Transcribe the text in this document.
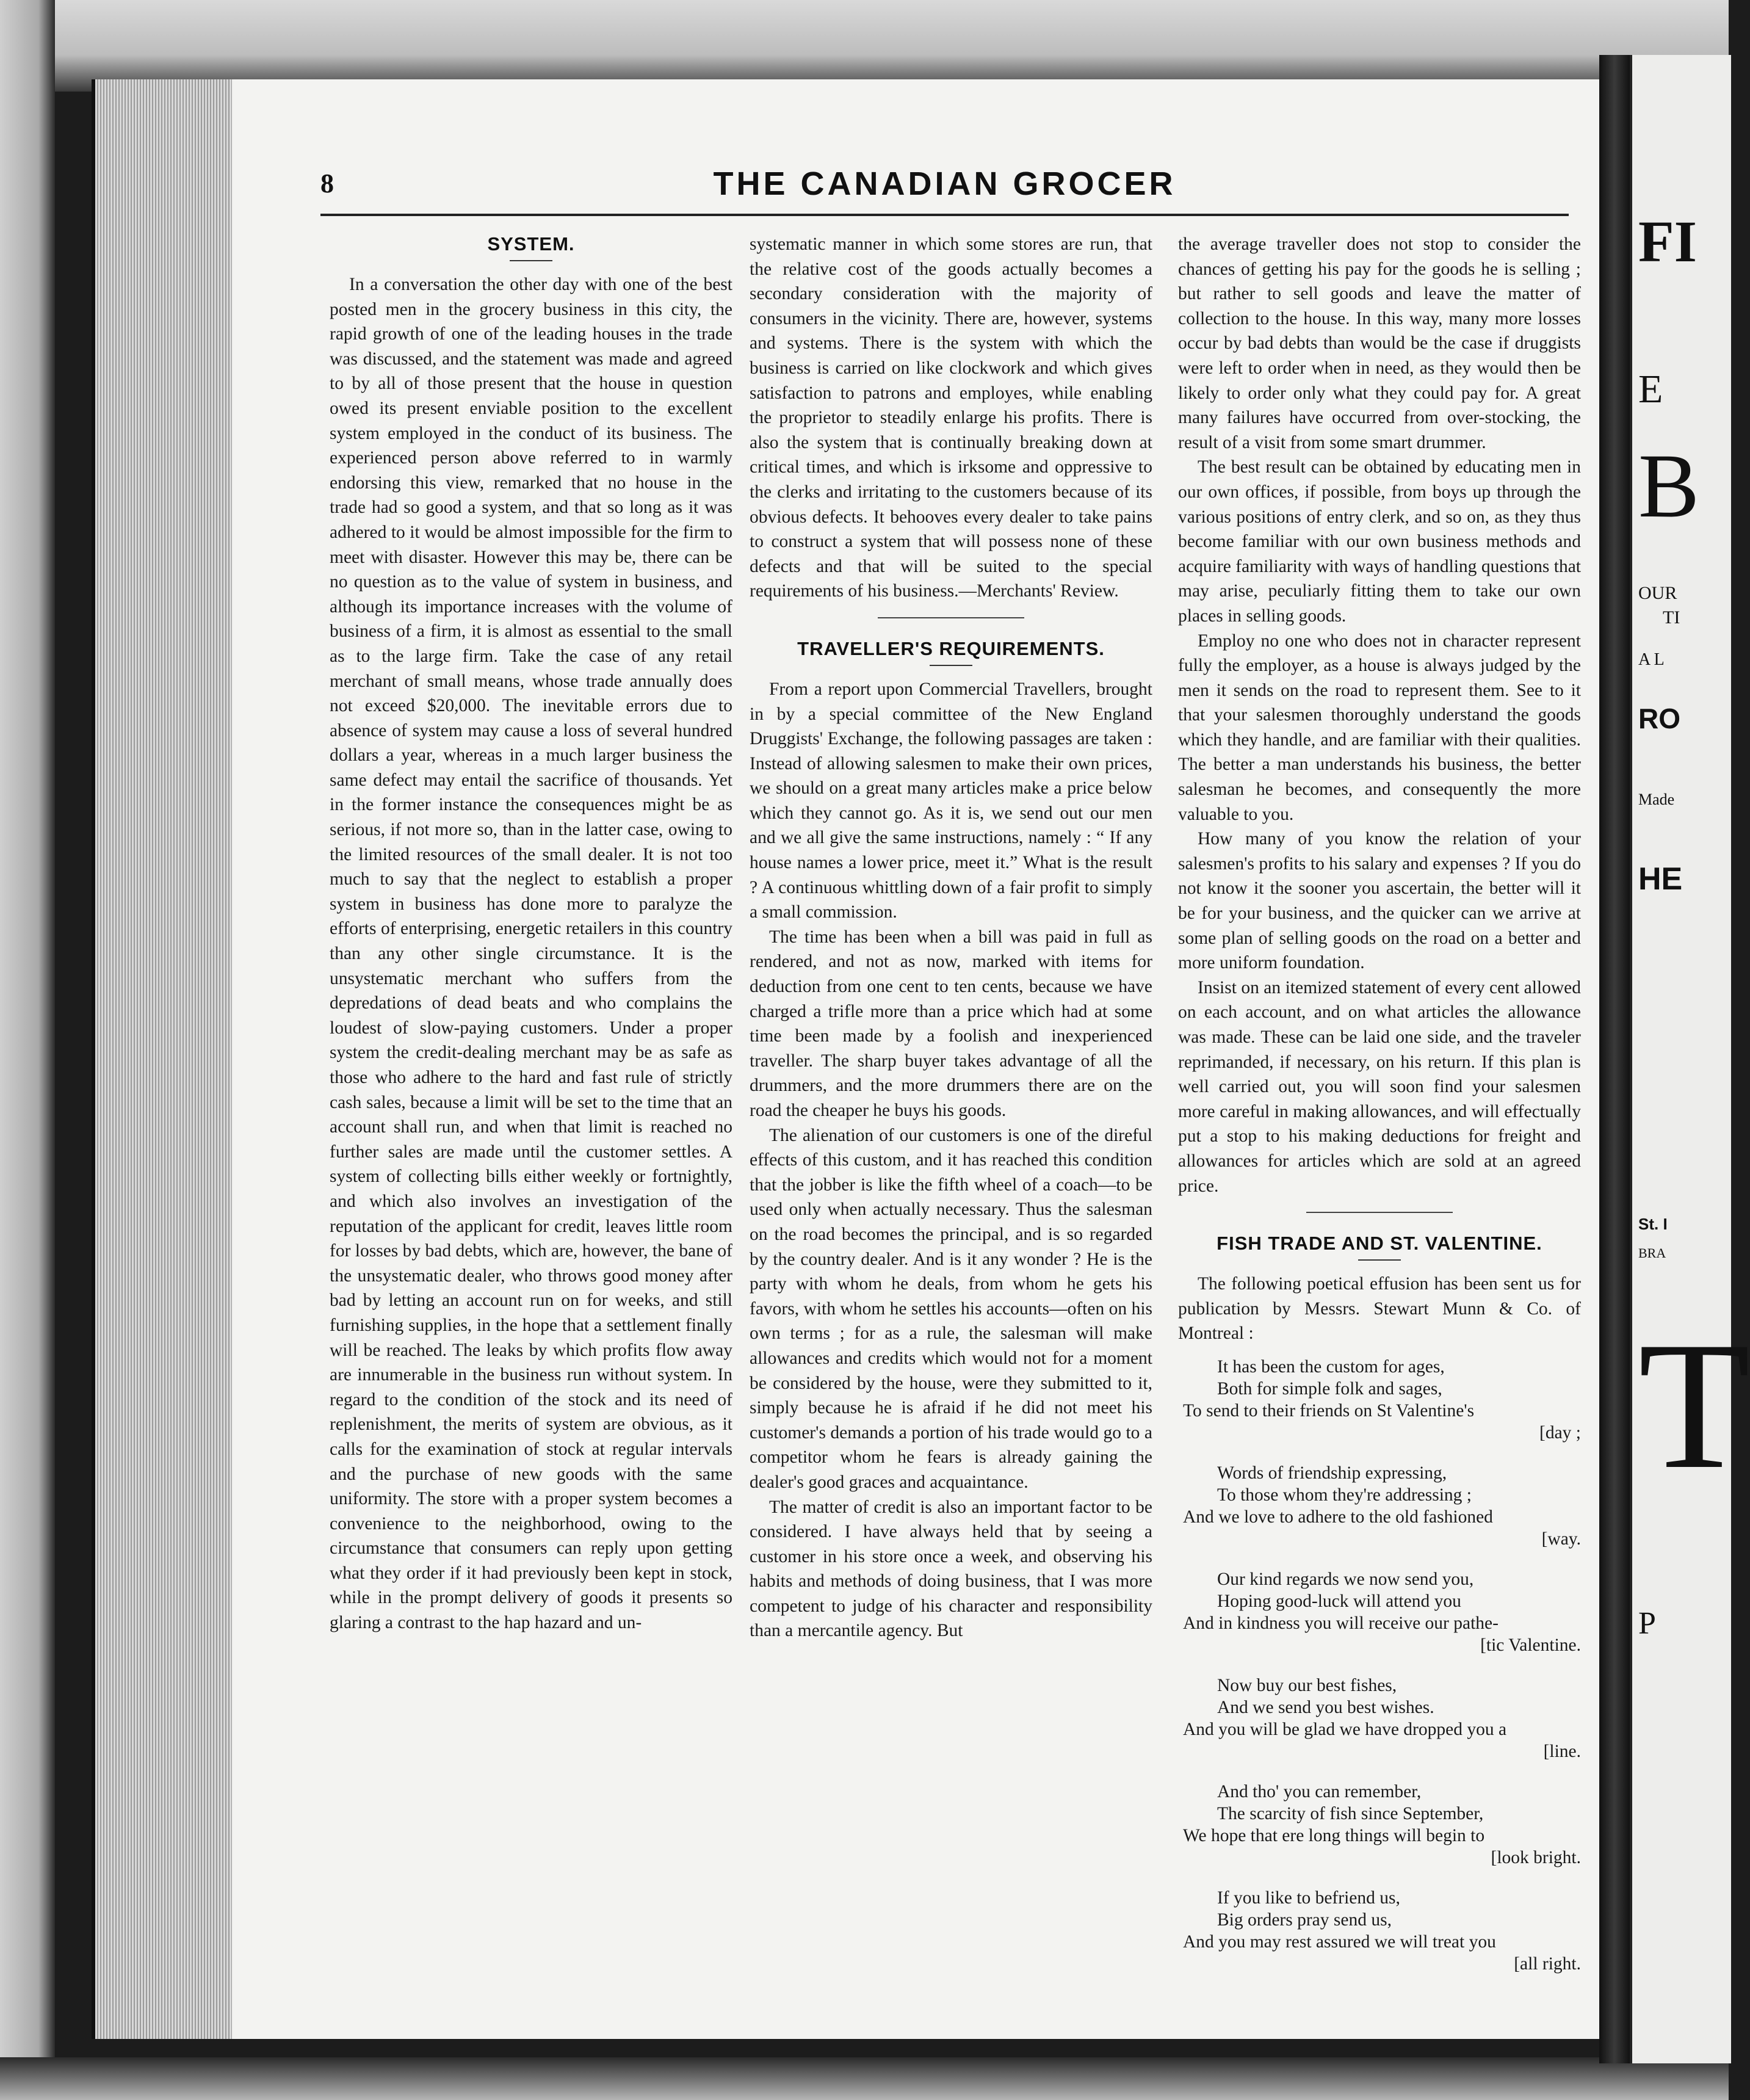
8	THE CANADIAN GROCER
SYSTEM.

In a conversation the other day with one of the best posted men in the grocery business in this city, the rapid growth of one of the leading houses in the trade was discussed, and the statement was made and agreed to by all of those present that the house in question owed its present enviable position to the excellent system employed in the conduct of its business. The experienced person above referred to in warmly endorsing this view, remarked that no house in the trade had so good a system, and that so long as it was adhered to it would be almost impossible for the firm to meet with disaster. However this may be, there can be no question as to the value of system in business, and although its importance increases with the volume of business of a firm, it is almost as essential to the small as to the large firm. Take the case of any retail merchant of small means, whose trade annually does not exceed $20,000. The inevitable errors due to absence of system may cause a loss of several hundred dollars a year, whereas in a much larger business the same defect may entail the sacrifice of thousands. Yet in the former instance the consequences might be as serious, if not more so, than in the latter case, owing to the limited resources of the small dealer. It is not too much to say that the neglect to establish a proper system in business has done more to paralyze the efforts of enterprising, energetic retailers in this country than any other single circumstance. It is the unsystematic merchant who suffers from the depredations of dead beats and who complains the loudest of slow-paying customers. Under a proper system the credit-dealing merchant may be as safe as those who adhere to the hard and fast rule of strictly cash sales, because a limit will be set to the time that an account shall run, and when that limit is reached no further sales are made until the customer settles. A system of collecting bills either weekly or fortnightly, and which also involves an investigation of the reputation of the applicant for credit, leaves little room for losses by bad debts, which are, however, the bane of the unsystematic dealer, who throws good money after bad by letting an account run on for weeks, and still furnishing supplies, in the hope that a settlement finally will be reached. The leaks by which profits flow away are innumerable in the business run without system. In regard to the condition of the stock and its need of replenishment, the merits of system are obvious, as it calls for the examination of stock at regular intervals and the purchase of new goods with the same uniformity. The store with a proper system becomes a convenience to the neighborhood, owing to the circumstance that consumers can reply upon getting what they order if it had previously been kept in stock, while in the prompt delivery of goods it presents so glaring a contrast to the hap hazard and un-

systematic manner in which some stores are run, that the relative cost of the goods actually becomes a secondary consideration with the majority of consumers in the vicinity. There are, however, systems and systems. There is the system with which the business is carried on like clockwork and which gives satisfaction to patrons and employes, while enabling the proprietor to steadily enlarge his profits. There is also the system that is continually breaking down at critical times, and which is irksome and oppressive to the clerks and irritating to the customers because of its obvious defects. It behooves every dealer to take pains to construct a system that will possess none of these defects and that will be suited to the special requirements of his business.—Merchants' Review.

TRAVELLER'S REQUIREMENTS.

From a report upon Commercial Travellers, brought in by a special committee of the New England Druggists' Exchange, the following passages are taken : Instead of allowing salesmen to make their own prices, we should on a great many articles make a price below which they cannot go. As it is, we send out our men and we all give the same instructions, namely : “ If any house names a lower price, meet it.” What is the result ? A continuous whittling down of a fair profit to simply a small commission.

The time has been when a bill was paid in full as rendered, and not as now, marked with items for deduction from one cent to ten cents, because we have charged a trifle more than a price which had at some time been made by a foolish and inexperienced traveller. The sharp buyer takes advantage of all the drummers, and the more drummers there are on the road the cheaper he buys his goods.

The alienation of our customers is one of the direful effects of this custom, and it has reached this condition that the jobber is like the fifth wheel of a coach—to be used only when actually necessary. Thus the salesman on the road becomes the principal, and is so regarded by the country dealer. And is it any wonder ? He is the party with whom he deals, from whom he gets his favors, with whom he settles his accounts—often on his own terms ; for as a rule, the salesman will make allowances and credits which would not for a moment be considered by the house, were they submitted to it, simply because he is afraid if he did not meet his customer's demands a portion of his trade would go to a competitor whom he fears is already gaining the dealer's good graces and acquaintance.

The matter of credit is also an important factor to be considered. I have always held that by seeing a customer in his store once a week, and observing his habits and methods of doing business, that I was more competent to judge of his character and responsibility than a mercantile agency. But

the average traveller does not stop to consider the chances of getting his pay for the goods he is selling ; but rather to sell goods and leave the matter of collection to the house. In this way, many more losses occur by bad debts than would be the case if druggists were left to order when in need, as they would then be likely to order only what they could pay for. A great many failures have occurred from over-stocking, the result of a visit from some smart drummer.

The best result can be obtained by educating men in our own offices, if possible, from boys up through the various positions of entry clerk, and so on, as they thus become familiar with our own business methods and acquire familiarity with ways of handling questions that may arise, peculiarly fitting them to take our own places in selling goods.

Employ no one who does not in character represent fully the employer, as a house is always judged by the men it sends on the road to represent them. See to it that your salesmen thoroughly understand the goods which they handle, and are familiar with their qualities. The better a man understands his business, the better salesman he becomes, and consequently the more valuable to you.

How many of you know the relation of your salesmen's profits to his salary and expenses ? If you do not know it the sooner you ascertain, the better will it be for your business, and the quicker can we arrive at some plan of selling goods on the road on a better and more uniform foundation.

Insist on an itemized statement of every cent allowed on each account, and on what articles the allowance was made. These can be laid one side, and the traveler reprimanded, if necessary, on his return. If this plan is well carried out, you will soon find your salesmen more careful in making allowances, and will effectually put a stop to his making deductions for freight and allowances for articles which are sold at an agreed price.

FISH TRADE AND ST. VALENTINE.

The following poetical effusion has been sent us for publication by Messrs. Stewart Munn & Co. of Montreal :

It has been the custom for ages,
Both for simple folk and sages,
To send to their friends on St Valentine's
[day ;
Words of friendship expressing,
To those whom they're addressing ;
And we love to adhere to the old fashioned
[way.
Our kind regards we now send you,
Hoping good-luck will attend you
And in kindness you will receive our pathe-
[tic Valentine.
Now buy our best fishes,
And we send you best wishes.
And you will be glad we have dropped you a
[line.
And tho' you can remember,
The scarcity of fish since September,
We hope that ere long things will begin to
[look bright.
If you like to befriend us,
Big orders pray send us,
And you may rest assured we will treat you
[all right.
FI
E
B
OUR
TI
A L
RO
Made
HE
St. I
BRA
T
P
